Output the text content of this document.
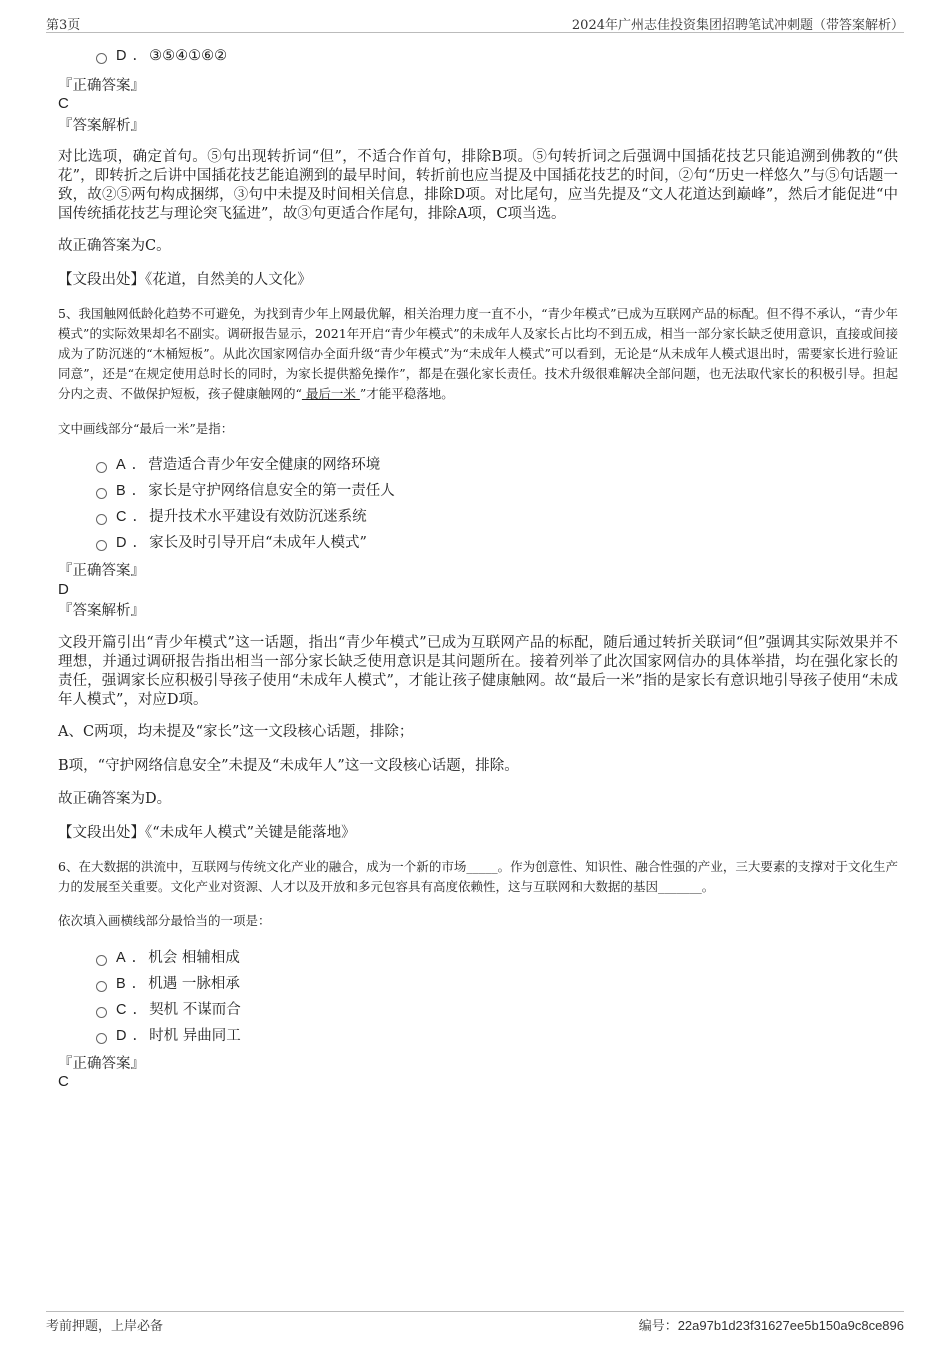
第3页	2024年广州志佳投资集团招聘笔试冲刺题（带答案解析）
D . ③⑤④①⑥②
『正确答案』
C
『答案解析』
对比选项，确定首句。⑤句出现转折词“但”，不适合作首句，排除B项。⑤句转折词之后强调中国插花技艺只能追溯到佛教的“供花”，即转折之后讲中国插花技艺能追溯到的最早时间，转折前也应当提及中国插花技艺的时间，②句“历史一样悠久”与⑤句话题一致，故②⑤两句构成捆绑，③句中未提及时间相关信息，排除D项。对比尾句，应当先提及“文人花道达到巅峰”，然后才能促进“中国传统插花技艺与理论突飞猛进”，故③句更适合作尾句，排除A项，C项当选。
故正确答案为C。
【文段出处】《花道，自然美的人文化》
5、我国触网低龄化趋势不可避免，为找到青少年上网最优解，相关治理力度一直不小，“青少年模式”已成为互联网产品的标配。但不得不承认，“青少年模式”的实际效果却名不副实。调研报告显示，2021年开启“青少年模式”的未成年人及家长占比均不到五成，相当一部分家长缺乏使用意识，直接或间接成为了防沉迷的“木桶短板”。从此次国家网信办全面升级“青少年模式”为“未成年人模式”可以看到，无论是“从未成年人模式退出时，需要家长进行验证同意”，还是“在规定使用总时长的同时，为家长提供豁免操作”，都是在强化家长责任。技术升级很难解决全部问题，也无法取代家长的积极引导。担起分内之责、不做保护短板，孩子健康触网的“ 最后一米 ”才能平稳落地。
文中画线部分“最后一米”是指：
A . 营造适合青少年安全健康的网络环境
B . 家长是守护网络信息安全的第一责任人
C . 提升技术水平建设有效防沉迷系统
D . 家长及时引导开启“未成年人模式”
『正确答案』
D
『答案解析』
文段开篇引出“青少年模式”这一话题，指出“青少年模式”已成为互联网产品的标配，随后通过转折关联词“但”强调其实际效果并不理想，并通过调研报告指出相当一部分家长缺乏使用意识是其问题所在。接着列举了此次国家网信办的具体举措，均在强化家长的责任，强调家长应积极引导孩子使用“未成年人模式”，才能让孩子健康触网。故“最后一米”指的是家长有意识地引导孩子使用“未成年人模式”，对应D项。
A、C两项，均未提及“家长”这一文段核心话题，排除；
B项，“守护网络信息安全”未提及“未成年人”这一文段核心话题，排除。
故正确答案为D。
【文段出处】《“未成年人模式”关键是能落地》
6、在大数据的洪流中，互联网与传统文化产业的融合，成为一个新的市场_____。作为创意性、知识性、融合性强的产业，三大要素的支撑对于文化生产力的发展至关重要。文化产业对资源、人才以及开放和多元包容具有高度依赖性，这与互联网和大数据的基因_______。
依次填入画横线部分最恰当的一项是：
A . 机会 相辅相成
B . 机遇 一脉相承
C . 契机 不谋而合
D . 时机 异曲同工
『正确答案』
C
考前押题，上岸必备	编号：22a97b1d23f31627ee5b150a9c8ce896
